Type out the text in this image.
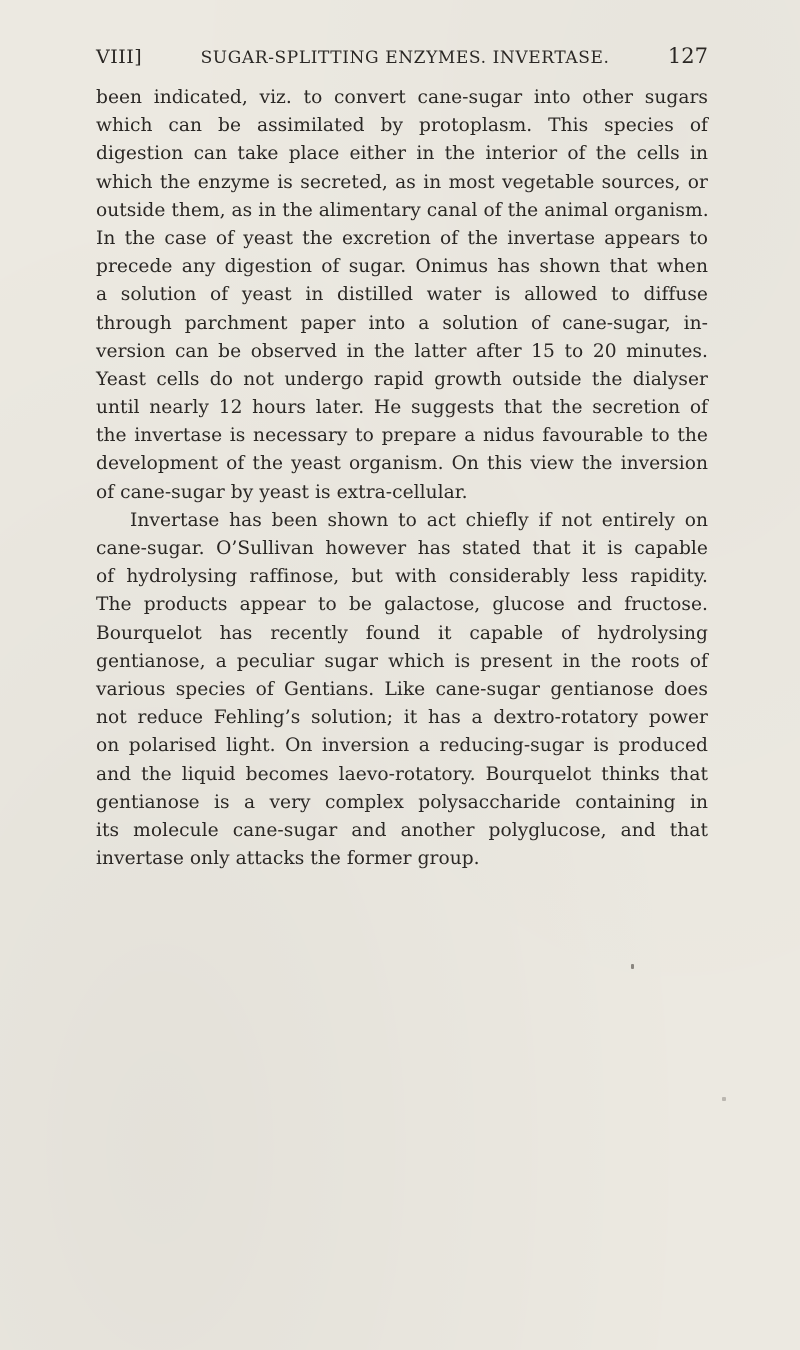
VIII]	SUGAR-SPLITTING ENZYMES. INVERTASE.	127
been indicated, viz. to convert cane-sugar into other sugars
which can be assimilated by protoplasm. This species of
digestion can take place either in the interior of the cells in
which the enzyme is secreted, as in most vegetable sources, or
outside them, as in the alimentary canal of the animal organism.
In the case of yeast the excretion of the invertase appears to
precede any digestion of sugar. Onimus has shown that when
a solution of yeast in distilled water is allowed to diffuse
through parchment paper into a solution of cane-sugar, in-
version can be observed in the latter after 15 to 20 minutes.
Yeast cells do not undergo rapid growth outside the dialyser
until nearly 12 hours later. He suggests that the secretion of
the invertase is necessary to prepare a nidus favourable to the
development of the yeast organism. On this view the inversion
of cane-sugar by yeast is extra-cellular.
Invertase has been shown to act chiefly if not entirely on
cane-sugar. O’Sullivan however has stated that it is capable
of hydrolysing raffinose, but with considerably less rapidity.
The products appear to be galactose, glucose and fructose.
Bourquelot has recently found it capable of hydrolysing
gentianose, a peculiar sugar which is present in the roots of
various species of Gentians. Like cane-sugar gentianose does
not reduce Fehling’s solution; it has a dextro-rotatory power
on polarised light. On inversion a reducing-sugar is produced
and the liquid becomes laevo-rotatory. Bourquelot thinks that
gentianose is a very complex polysaccharide containing in
its molecule cane-sugar and another polyglucose, and that
invertase only attacks the former group.
